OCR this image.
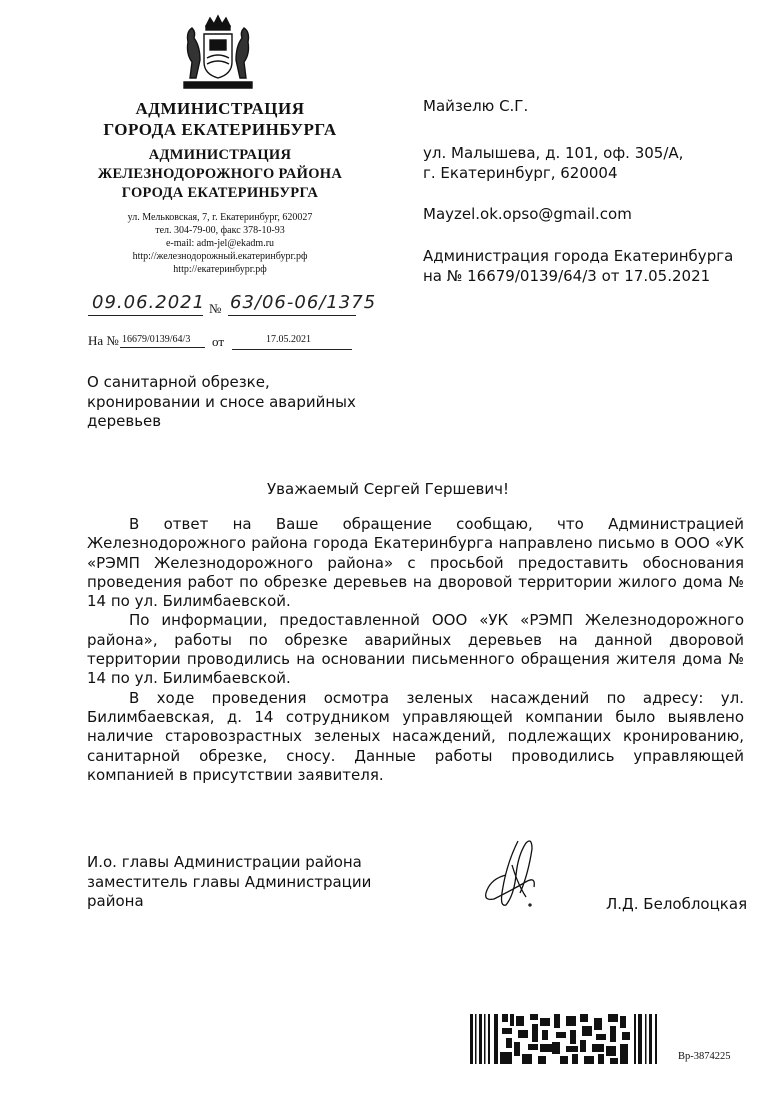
АДМИНИСТРАЦИЯ
ГОРОДА ЕКАТЕРИНБУРГА
АДМИНИСТРАЦИЯ
ЖЕЛЕЗНОДОРОЖНОГО РАЙОНА
ГОРОДА ЕКАТЕРИНБУРГА
ул. Мельковская, 7, г. Екатеринбург, 620027
тел. 304-79-00, факс 378-10-93
e-mail: adm-jel@ekadm.ru
http://железнодорожный.екатеринбург.рф
http://екатеринбург.рф
09.06.2021 № 63/06-06/1375
На № 16679/0139/64/3 от	17.05.2021
Майзелю С.Г.
ул. Малышева, д. 101, оф. 305/А,
г. Екатеринбург, 620004
Mayzel.ok.opso@gmail.com
Администрация города Екатеринбурга
на № 16679/0139/64/3 от 17.05.2021
О санитарной обрезке,
кронировании и сносе аварийных
деревьев
Уважаемый Сергей Гершевич!

В ответ на Ваше обращение сообщаю, что Администрацией Железнодорожного района города Екатеринбурга направлено письмо в ООО «УК «РЭМП Железнодорожного района» с просьбой предоставить обоснования проведения работ по обрезке деревьев на дворовой территории жилого дома № 14 по ул. Билимбаевской.

По информации, предоставленной ООО «УК «РЭМП Железнодорожного района», работы по обрезке аварийных деревьев на данной дворовой территории проводились на основании письменного обращения жителя дома № 14 по ул. Билимбаевской.

В ходе проведения осмотра зеленых насаждений по адресу: ул. Билимбаевская, д. 14 сотрудником управляющей компании было выявлено наличие старовозрастных зеленых насаждений, подлежащих кронированию, санитарной обрезке, сносу. Данные работы проводились управляющей компанией в присутствии заявителя.

И.о. главы Администрации района
заместитель главы Администрации
района	Л.Д. Белоблоцкая
Вр-3874225
